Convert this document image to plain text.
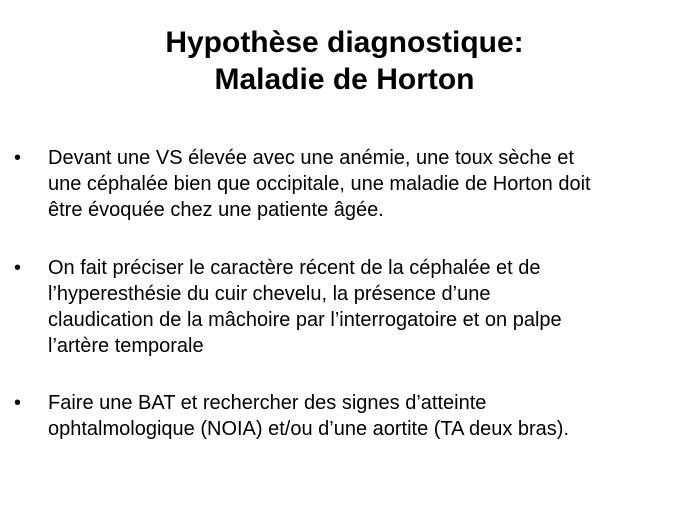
Hypothèse diagnostique:
Maladie de Horton
• Devant une VS élevée avec une anémie, une toux sèche et
une céphalée bien que occipitale, une maladie de Horton doit
être évoquée chez une patiente âgée.
• On fait préciser le caractère récent de la céphalée et de
l’hyperesthésie du cuir chevelu, la présence d’une
claudication de la mâchoire par l’interrogatoire et on palpe
l’artère temporale
• Faire une BAT et rechercher des signes d’atteinte
ophtalmologique (NOIA) et/ou d’une aortite (TA deux bras).
